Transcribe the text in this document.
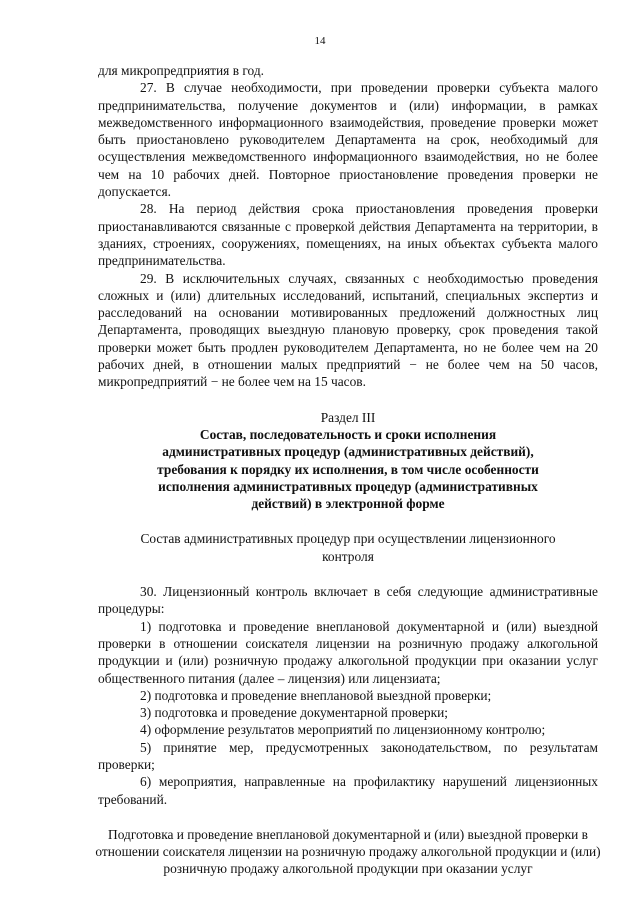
14

для микропредприятия в год.

27. В случае необходимости, при проведении проверки субъекта малого предпринимательства, получение документов и (или) информации, в рамках межведомственного информационного взаимодействия, проведение проверки может быть приостановлено руководителем Департамента на срок, необходимый для осуществления межведомственного информационного взаимодействия, но не более чем на 10 рабочих дней. Повторное приостановление проведения проверки не допускается.

28. На период действия срока приостановления проведения проверки приостанавливаются связанные с проверкой действия Департамента на территории, в зданиях, строениях, сооружениях, помещениях, на иных объектах субъекта малого предпринимательства.

29. В исключительных случаях, связанных с необходимостью проведения сложных и (или) длительных исследований, испытаний, специальных экспертиз и расследований на основании мотивированных предложений должностных лиц Департамента, проводящих выездную плановую проверку, срок проведения такой проверки может быть продлен руководителем Департамента, но не более чем на 20 рабочих дней, в отношении малых предприятий − не более чем на 50 часов, микропредприятий − не более чем на 15 часов.

Раздел III
Состав, последовательность и сроки исполнения административных процедур (административных действий), требования к порядку их исполнения, в том числе особенности исполнения административных процедур (административных действий) в электронной форме
Состав административных процедур при осуществлении лицензионного контроля

30. Лицензионный контроль включает в себя следующие административные процедуры:

1) подготовка и проведение внеплановой документарной и (или) выездной проверки в отношении соискателя лицензии на розничную продажу алкогольной продукции и (или) розничную продажу алкогольной продукции при оказании услуг общественного питания (далее – лицензия) или лицензиата;

2) подготовка и проведение внеплановой выездной проверки;

3) подготовка и проведение документарной проверки;

4) оформление результатов мероприятий по лицензионному контролю;

5) принятие мер, предусмотренных законодательством, по результатам проверки;

6) мероприятия, направленные на профилактику нарушений лицензионных требований.

Подготовка и проведение внеплановой документарной и (или) выездной проверки в отношении соискателя лицензии на розничную продажу алкогольной продукции и (или) розничную продажу алкогольной продукции при оказании услуг
